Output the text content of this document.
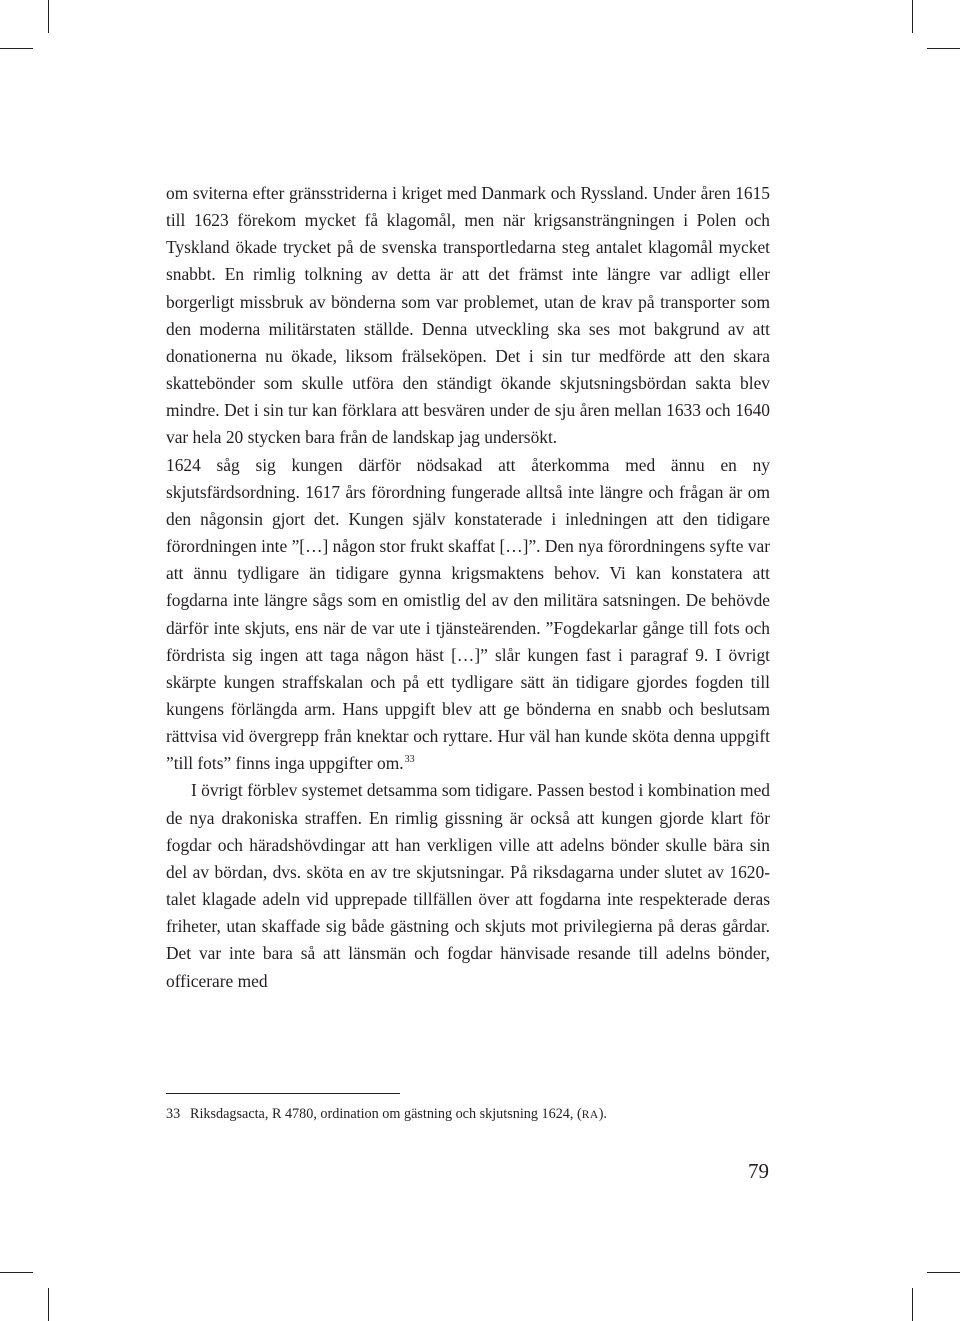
om sviterna efter gränsstriderna i kriget med Danmark och Ryssland. Under åren 1615 till 1623 förekom mycket få klagomål, men när krigsansträngningen i Polen och Tyskland ökade trycket på de svenska transportledarna steg antalet klagomål mycket snabbt. En rimlig tolkning av detta är att det främst inte längre var adligt eller borgerligt missbruk av bönderna som var problemet, utan de krav på transporter som den moderna militärstaten ställde. Denna utveckling ska ses mot bakgrund av att donationerna nu ökade, liksom frälseköpen. Det i sin tur medförde att den skara skattebönder som skulle utföra den ständigt ökande skjutsningsbördan sakta blev mindre. Det i sin tur kan förklara att besvären under de sju åren mellan 1633 och 1640 var hela 20 stycken bara från de landskap jag undersökt.

1624 såg sig kungen därför nödsakad att återkomma med ännu en ny skjutsfärdsordning. 1617 års förordning fungerade alltså inte längre och frågan är om den någonsin gjort det. Kungen själv konstaterade i inledningen att den tidigare förordningen inte ”[…] någon stor frukt skaffat […]”. Den nya förordningens syfte var att ännu tydligare än tidigare gynna krigsmaktens behov. Vi kan konstatera att fogdarna inte längre sågs som en omistlig del av den militära satsningen. De behövde därför inte skjuts, ens när de var ute i tjänsteärenden. ”Fogdekarlar gånge till fots och fördrista sig ingen att taga någon häst […]” slår kungen fast i paragraf 9. I övrigt skärpte kungen straffskalan och på ett tydligare sätt än tidigare gjordes fogden till kungens förlängda arm. Hans uppgift blev att ge bönderna en snabb och beslutsam rättvisa vid övergrepp från knektar och ryttare. Hur väl han kunde sköta denna uppgift ”till fots” finns inga uppgifter om.$^{33}$

I övrigt förblev systemet detsamma som tidigare. Passen bestod i kombination med de nya drakoniska straffen. En rimlig gissning är också att kungen gjorde klart för fogdar och häradshövdingar att han verkligen ville att adelns bönder skulle bära sin del av bördan, dvs. sköta en av tre skjutsningar. På riksdagarna under slutet av 1620-talet klagade adeln vid upprepade tillfällen över att fogdarna inte respekterade deras friheter, utan skaffade sig både gästning och skjuts mot privilegierna på deras gårdar. Det var inte bara så att länsmän och fogdar hänvisade resande till adelns bönder, officerare med

33 Riksdagsacta, R 4780, ordination om gästning och skjutsning 1624, (RA).
79
